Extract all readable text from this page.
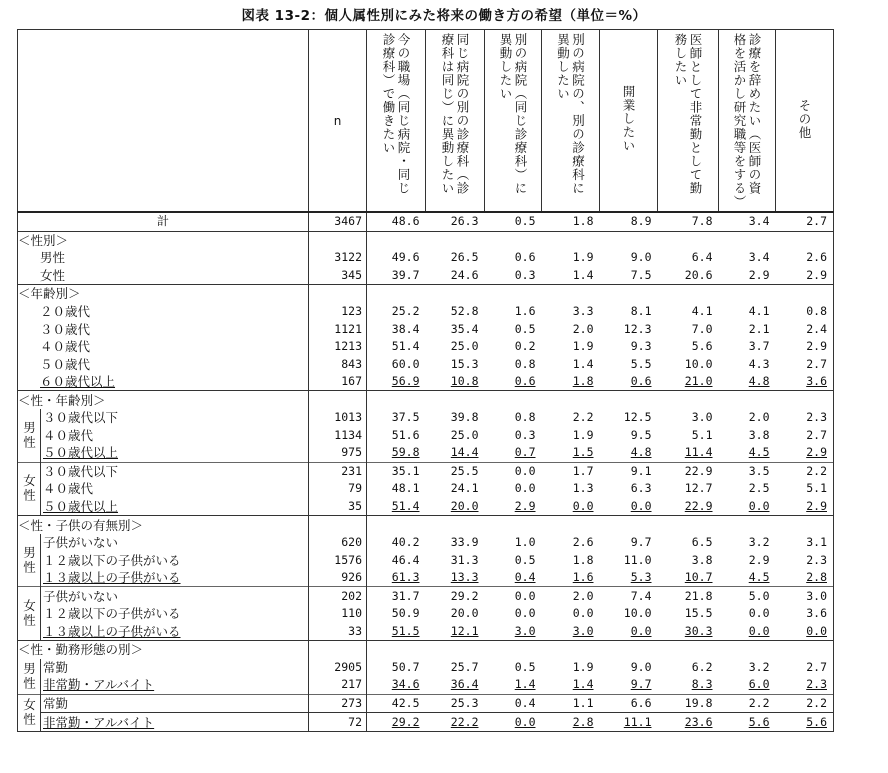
図表 13-2：個人属性別にみた将来の働き方の希望（単位＝%）
		n	今の職場（同じ病院・同じ診療科）で働きたい	同じ病院の別の診療科（診療科は同じ）に異動したい	別の病院（同じ診療科）に異動したい	別の病院の、別の診療科に異動したい	開業したい	医師として非常勤として勤務したい	診療を辞めたい（医師の資格を活かし研究職等をする）	その他
計		3467	48.6	26.3	0.5	1.8	8.9	7.8	3.4	2.7
＜性別＞										
男性		3122	49.6	26.5	0.6	1.9	9.0	6.4	3.4	2.6
女性		345	39.7	24.6	0.3	1.4	7.5	20.6	2.9	2.9
＜年齢別＞										
２０歳代		123	25.2	52.8	1.6	3.3	8.1	4.1	4.1	0.8
３０歳代		1121	38.4	35.4	0.5	2.0	12.3	7.0	2.1	2.4
４０歳代		1213	51.4	25.0	0.2	1.9	9.3	5.6	3.7	2.9
５０歳代		843	60.0	15.3	0.8	1.4	5.5	10.0	4.3	2.7
６０歳代以上		167	56.9	10.8	0.6	1.8	0.6	21.0	4.8	3.6
＜性・年齢別＞										
男性	３０歳代以下	1013	37.5	39.8	0.8	2.2	12.5	3.0	2.0	2.3
	４０歳代	1134	51.6	25.0	0.3	1.9	9.5	5.1	3.8	2.7
	５０歳代以上	975	59.8	14.4	0.7	1.5	4.8	11.4	4.5	2.9
女性	３０歳代以下	231	35.1	25.5	0.0	1.7	9.1	22.9	3.5	2.2
	４０歳代	79	48.1	24.1	0.0	1.3	6.3	12.7	2.5	5.1
	５０歳代以上	35	51.4	20.0	2.9	0.0	0.0	22.9	0.0	2.9
＜性・子供の有無別＞										
男性	子供がいない	620	40.2	33.9	1.0	2.6	9.7	6.5	3.2	3.1
	１２歳以下の子供がいる	1576	46.4	31.3	0.5	1.8	11.0	3.8	2.9	2.3
	１３歳以上の子供がいる	926	61.3	13.3	0.4	1.6	5.3	10.7	4.5	2.8
女性	子供がいない	202	31.7	29.2	0.0	2.0	7.4	21.8	5.0	3.0
	１２歳以下の子供がいる	110	50.9	20.0	0.0	0.0	10.0	15.5	0.0	3.6
	１３歳以上の子供がいる	33	51.5	12.1	3.0	3.0	0.0	30.3	0.0	0.0
＜性・勤務形態の別＞										
男性	常勤	2905	50.7	25.7	0.5	1.9	9.0	6.2	3.2	2.7
	非常勤・アルバイト	217	34.6	36.4	1.4	1.4	9.7	8.3	6.0	2.3
女性	常勤	273	42.5	25.3	0.4	1.1	6.6	19.8	2.2	2.2
	非常勤・アルバイト	72	29.2	22.2	0.0	2.8	11.1	23.6	5.6	5.6
